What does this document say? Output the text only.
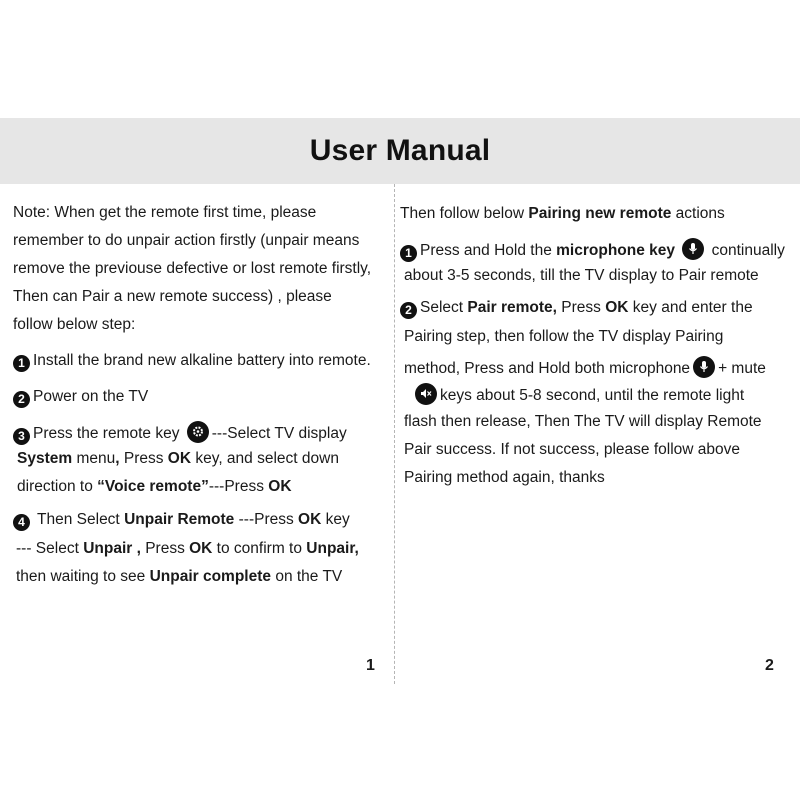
User Manual
Note: When get the remote first time, please
remember to do unpair action firstly (unpair means
remove the previouse defective or lost remote firstly,
Then can Pair a new remote success) , please
follow below step:
1 Install the brand new alkaline battery into remote.
2 Power on the TV
3 Press the remote key ---Select TV display
System menu, Press OK key, and select down
direction to “Voice remote”---Press OK
4 Then Select Unpair Remote ---Press OK key
--- Select Unpair , Press OK to confirm to Unpair,
then waiting to see Unpair complete on the TV
1
Then follow below Pairing new remote actions
1 Press and Hold the microphone key
continually
about 3-5 seconds, till the TV display to Pair remote
2 Select Pair remote, Press OK key and enter the
Pairing step, then follow the TV display Pairing
method, Press and Hold both microphone + mute
keys about 5-8 second, until the remote light
flash then release, Then The TV will display Remote
Pair success. If not success, please follow above
Pairing method again, thanks
2
